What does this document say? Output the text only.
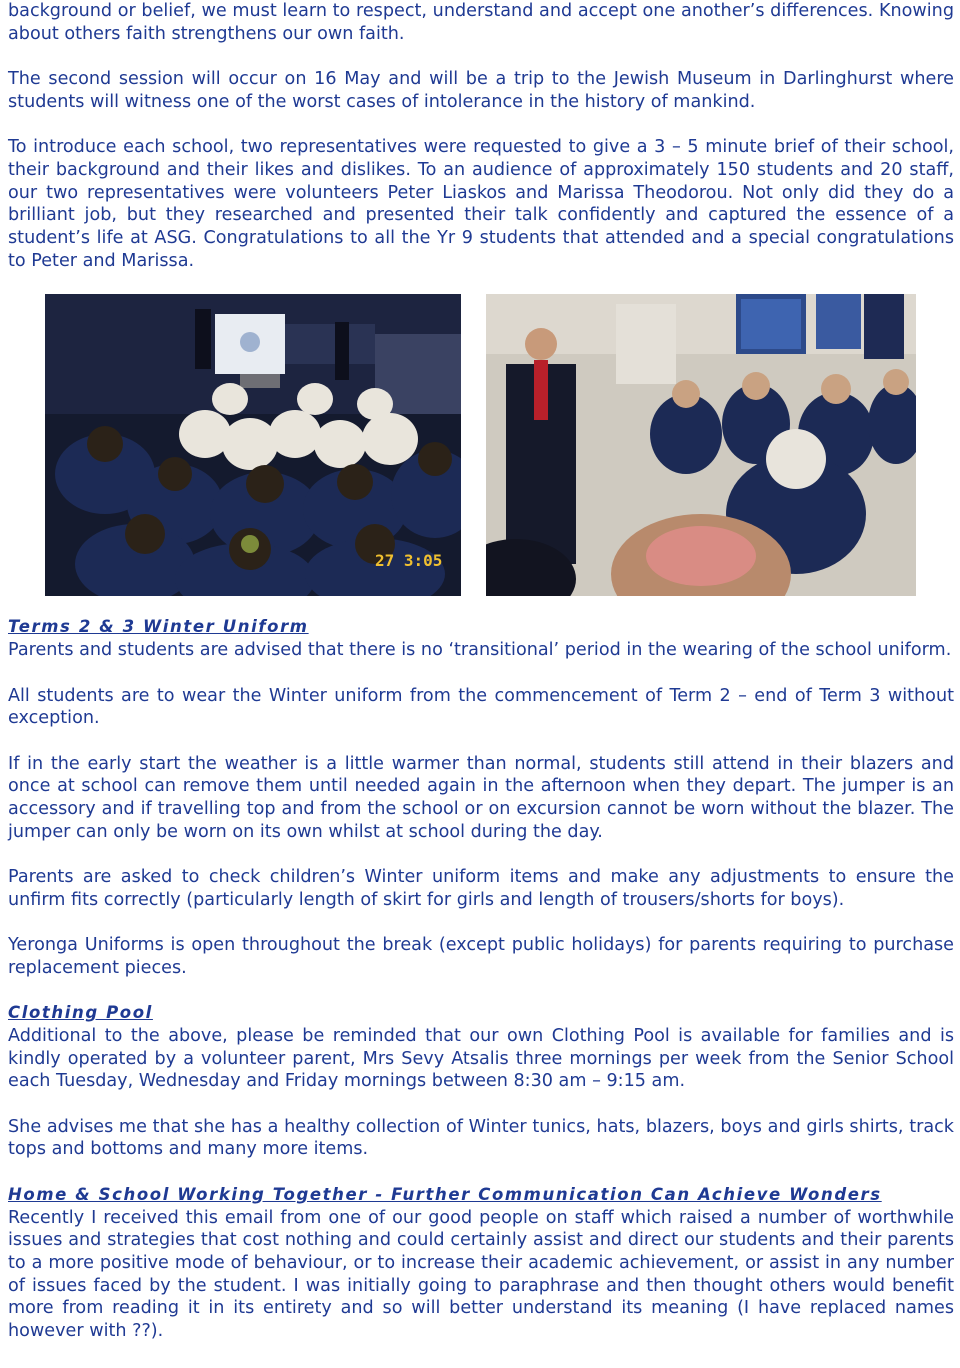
background or belief, we must learn to respect, understand and accept one another’s differences. Knowing about others faith strengthens our own faith.

The second session will occur on 16 May and will be a trip to the Jewish Museum in Darlinghurst where students will witness one of the worst cases of intolerance in the history of mankind.

To introduce each school, two representatives were requested to give a 3 – 5 minute brief of their school, their background and their likes and dislikes. To an audience of approximately 150 students and 20 staff, our two representatives were volunteers Peter Liaskos and Marissa Theodorou. Not only did they do a brilliant job, but they researched and presented their talk confidently and captured the essence of a student’s life at ASG. Congratulations to all the Yr 9 students that attended and a special congratulations to Peter and Marissa.

27 3:05
Terms 2 & 3 Winter Uniform

Parents and students are advised that there is no ‘transitional’ period in the wearing of the school uniform.

All students are to wear the Winter uniform from the commencement of Term 2 – end of Term 3 without exception.

If in the early start the weather is a little warmer than normal, students still attend in their blazers and once at school can remove them until needed again in the afternoon when they depart. The jumper is an accessory and if travelling top and from the school or on excursion cannot be worn without the blazer. The jumper can only be worn on its own whilst at school during the day.

Parents are asked to check children’s Winter uniform items and make any adjustments to ensure the unfirm fits correctly (particularly length of skirt for girls and length of trousers/shorts for boys).

Yeronga Uniforms is open throughout the break (except public holidays) for parents requiring to purchase replacement pieces.

Clothing Pool

Additional to the above, please be reminded that our own Clothing Pool is available for families and is kindly operated by a volunteer parent, Mrs Sevy Atsalis three mornings per week from the Senior School each Tuesday, Wednesday and Friday mornings between 8:30 am – 9:15 am.

She advises me that she has a healthy collection of Winter tunics, hats, blazers, boys and girls shirts, track tops and bottoms and many more items.

Home & School Working Together - Further Communication Can Achieve Wonders

Recently I received this email from one of our good people on staff which raised a number of worthwhile issues and strategies that cost nothing and could certainly assist and direct our students and their parents to a more positive mode of behaviour, or to increase their academic achievement, or assist in any number of issues faced by the student. I was initially going to paraphrase and then thought others would benefit more from reading it in its entirety and so will better understand its meaning (I have replaced names however with ??).
